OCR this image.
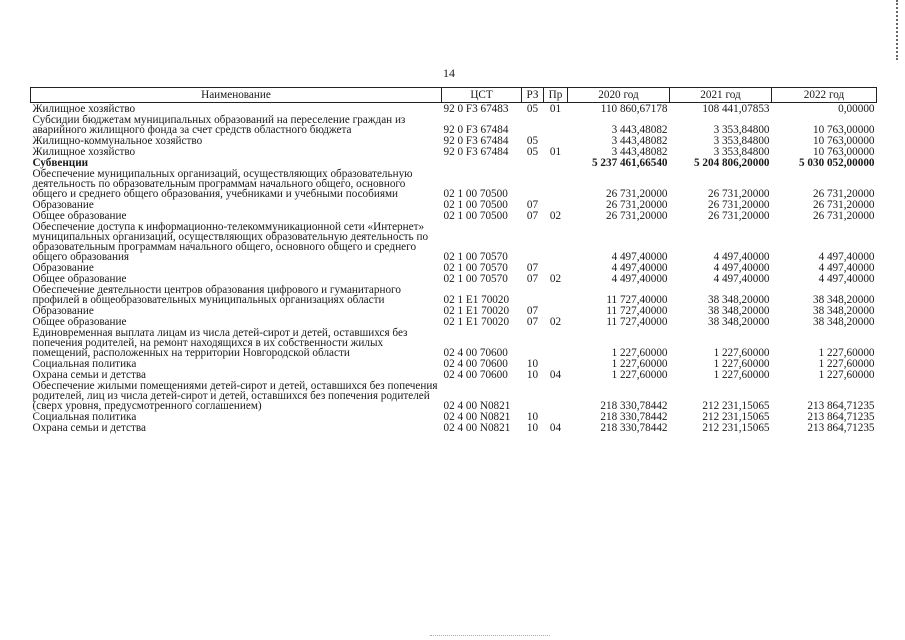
14
Наименование	ЦСТ	РЗ	Пр	2020 год	2021 год	2022 год
Жилищное хозяйство	92 0 F3 67483	05	01	110 860,67178	108 441,07853	0,00000
Субсидии бюджетам муниципальных образований на переселение граждан из аварийного жилищного фонда за счет средств областного бюджета	92 0 F3 67484			3 443,48082	3 353,84800	10 763,00000
Жилищно-коммунальное хозяйство	92 0 F3 67484	05		3 443,48082	3 353,84800	10 763,00000
Жилищное хозяйство	92 0 F3 67484	05	01	3 443,48082	3 353,84800	10 763,00000
Субвенции				5 237 461,66540	5 204 806,20000	5 030 052,00000
Обеспечение муниципальных организаций, осуществляющих образовательную деятельность по образовательным программам начального общего, основного общего и среднего общего образования, учебниками и учебными пособиями	02 1 00 70500			26 731,20000	26 731,20000	26 731,20000
Образование	02 1 00 70500	07		26 731,20000	26 731,20000	26 731,20000
Общее образование	02 1 00 70500	07	02	26 731,20000	26 731,20000	26 731,20000
Обеспечение доступа к информационно-телекоммуникационной сети «Интернет» муниципальных организаций, осуществляющих образовательную деятельность по образовательным программам начального общего, основного общего и среднего общего образования	02 1 00 70570			4 497,40000	4 497,40000	4 497,40000
Образование	02 1 00 70570	07		4 497,40000	4 497,40000	4 497,40000
Общее образование	02 1 00 70570	07	02	4 497,40000	4 497,40000	4 497,40000
Обеспечение деятельности центров образования цифрового и гуманитарного профилей в общеобразовательных муниципальных организациях области	02 1 E1 70020			11 727,40000	38 348,20000	38 348,20000
Образование	02 1 E1 70020	07		11 727,40000	38 348,20000	38 348,20000
Общее образование	02 1 E1 70020	07	02	11 727,40000	38 348,20000	38 348,20000
Единовременная выплата лицам из числа детей-сирот и детей, оставшихся без попечения родителей, на ремонт находящихся в их собственности жилых помещений, расположенных на территории Новгородской области	02 4 00 70600			1 227,60000	1 227,60000	1 227,60000
Социальная политика	02 4 00 70600	10		1 227,60000	1 227,60000	1 227,60000
Охрана семьи и детства	02 4 00 70600	10	04	1 227,60000	1 227,60000	1 227,60000
Обеспечение жилыми помещениями детей-сирот и детей, оставшихся без попечения родителей, лиц из числа детей-сирот и детей, оставшихся без попечения родителей (сверх уровня, предусмотренного соглашением)	02 4 00 N0821			218 330,78442	212 231,15065	213 864,71235
Социальная политика	02 4 00 N0821	10		218 330,78442	212 231,15065	213 864,71235
Охрана семьи и детства	02 4 00 N0821	10	04	218 330,78442	212 231,15065	213 864,71235
